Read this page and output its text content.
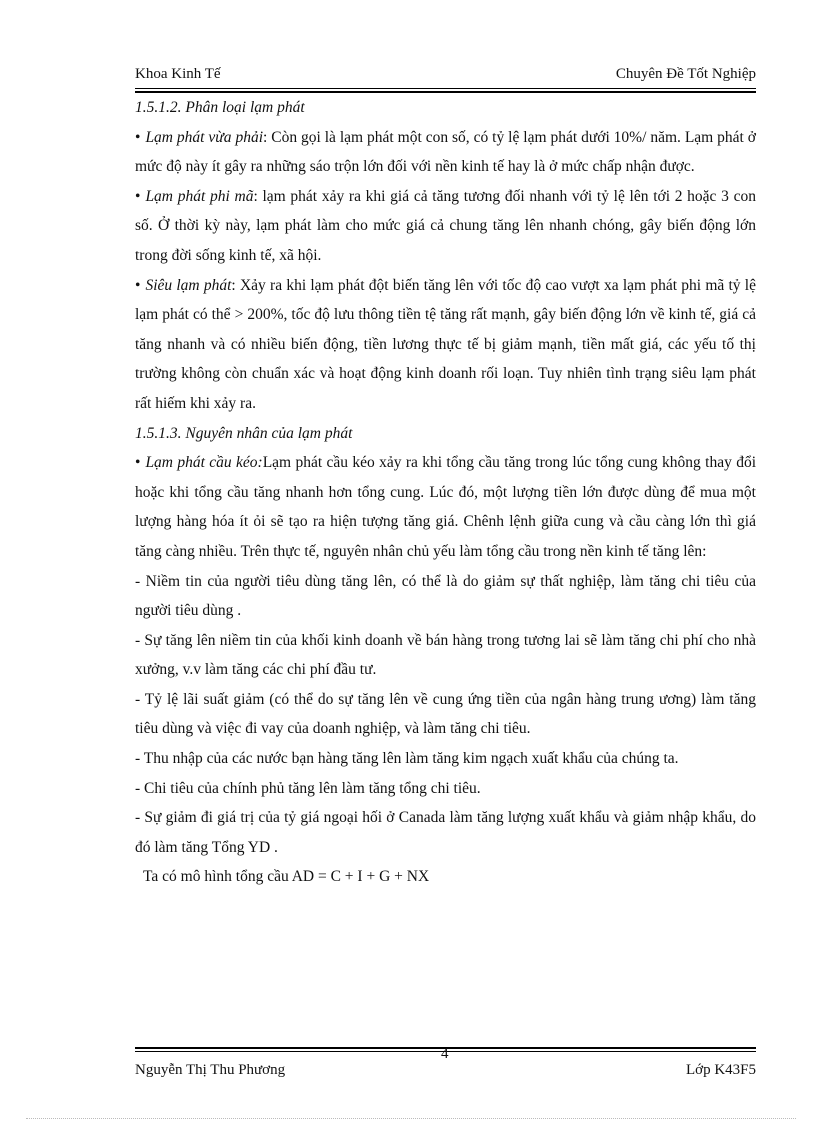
Khoa Kinh Tế	Chuyên Đề Tốt Nghiệp

1.5.1.2. Phân loại lạm phát

• Lạm phát vừa phải: Còn gọi là lạm phát một con số, có tỷ lệ lạm phát dưới 10%/ năm. Lạm phát ở mức độ này ít gây ra những sáo trộn lớn đối với nền kinh tế hay là ở mức chấp nhận được.

• Lạm phát phi mã: lạm phát xảy ra khi giá cả tăng tương đối nhanh với tỷ lệ lên tới 2 hoặc 3 con số. Ở thời kỳ này, lạm phát làm cho mức giá cả chung tăng lên nhanh chóng, gây biến động lớn trong đời sống kinh tế, xã hội.

• Siêu lạm phát: Xảy ra khi lạm phát đột biến tăng lên với tốc độ cao vượt xa lạm phát phi mã tỷ lệ lạm phát có thể > 200%, tốc độ lưu thông tiền tệ tăng rất mạnh, gây biến động lớn về kinh tế, giá cả tăng nhanh và có nhiều biến động, tiền lương thực tế bị giảm mạnh, tiền mất giá, các yếu tố thị trường không còn chuẩn xác và hoạt động kinh doanh rối loạn. Tuy nhiên tình trạng siêu lạm phát rất hiếm khi xảy ra.

1.5.1.3. Nguyên nhân của lạm phát

• Lạm phát cầu kéo:Lạm phát cầu kéo xảy ra khi tổng cầu tăng trong lúc tổng cung không thay đổi hoặc khi tổng cầu tăng nhanh hơn tổng cung. Lúc đó, một lượng tiền lớn được dùng để mua một lượng hàng hóa ít ỏi sẽ tạo ra hiện tượng tăng giá. Chênh lệnh giữa cung và cầu càng lớn thì giá tăng càng nhiều. Trên thực tế, nguyên nhân chủ yếu làm tổng cầu trong nền kinh tế tăng lên:

- Niềm tin của người tiêu dùng tăng lên, có thể là do giảm sự thất nghiệp, làm tăng chi tiêu của người tiêu dùng .

- Sự tăng lên niềm tin của khối kinh doanh về bán hàng trong tương lai sẽ làm tăng chi phí cho nhà xưởng, v.v làm tăng các chi phí đầu tư.

- Tỷ lệ lãi suất giảm (có thể do sự tăng lên về cung ứng tiền của ngân hàng trung ương) làm tăng tiêu dùng và việc đi vay của doanh nghiệp, và làm tăng chi tiêu.

- Thu nhập của các nước bạn hàng tăng lên làm tăng kim ngạch xuất khẩu của chúng ta.

- Chi tiêu của chính phủ tăng lên làm tăng tổng chi tiêu.

- Sự giảm đi giá trị của tỷ giá ngoại hối ở Canada làm tăng lượng xuất khẩu và giảm nhập khẩu, do đó làm tăng Tổng YD .

Ta có mô hình tổng cầu AD = C + I + G + NX

Nguyễn Thị Thu Phương
4
Lớp K43F5
